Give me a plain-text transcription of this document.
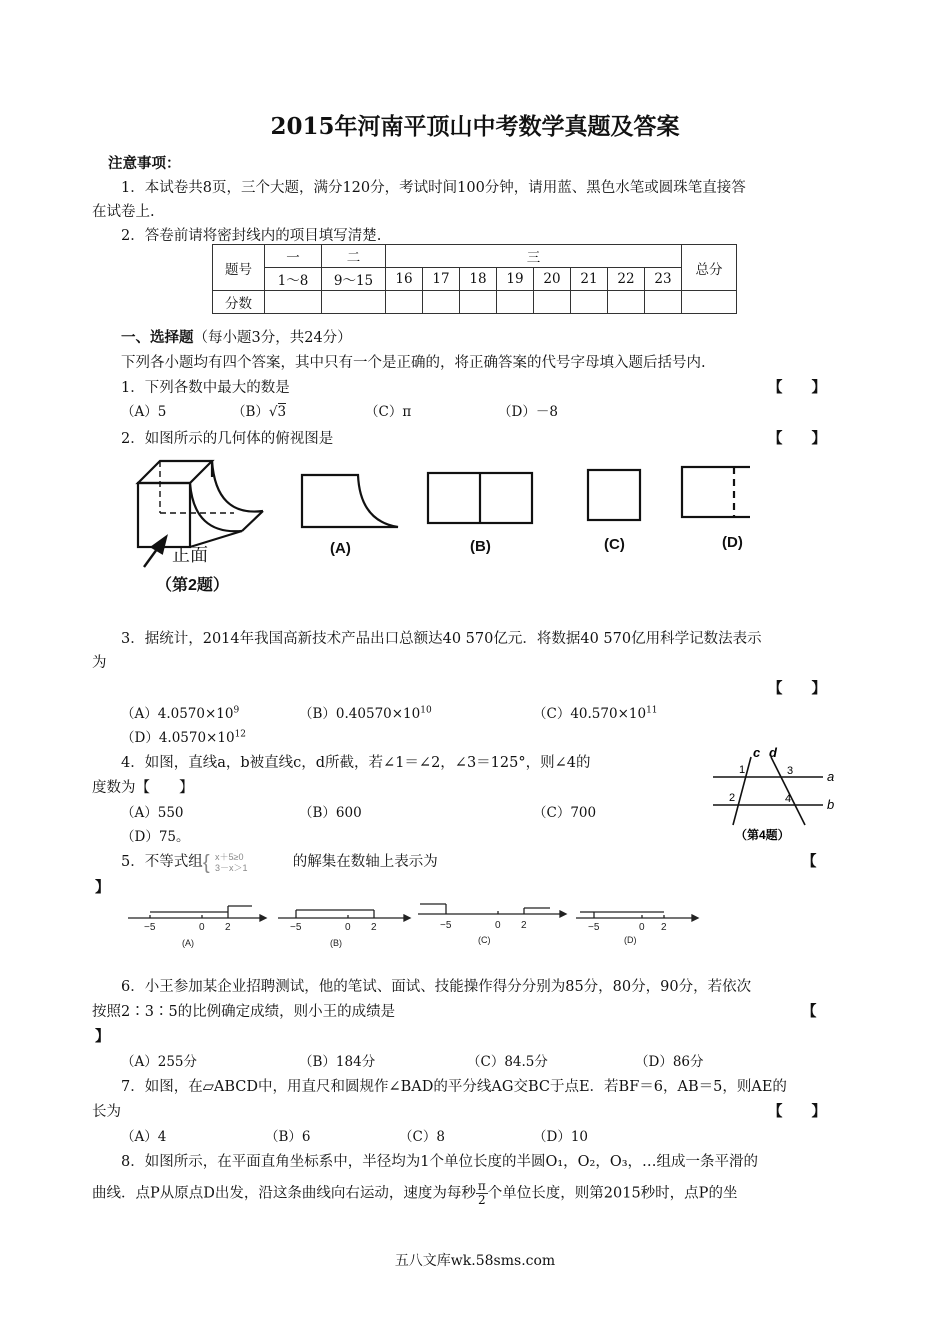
2015年河南平顶山中考数学真题及答案
注意事项：
1．本试卷共8页，三个大题，满分120分，考试时间100分钟，请用蓝、黑色水笔或圆珠笔直接答
在试卷上.
2．答卷前请将密封线内的项目填写清楚.
题号	一	二	三								总分
	1～8	9～15	16	17	18	19	20	21	22	23	
分数											
一、选择题（每小题3分，共24分）
下列各小题均有四个答案，其中只有一个是正确的，将正确答案的代号字母填入题后括号内.
1．下列各数中最大的数是	【　　】
（A）5	（B）√3	（C）π	（D）－8
2．如图所示的几何体的俯视图是	【　　】
正面
（第2题）
(A)	(B)	(C)	(D)
3．据统计，2014年我国高新技术产品出口总额达40 570亿元．将数据40 570亿用科学记数法表示
为
【　　】
$(A)4.0570\times 10^9$	$(B)0.40570\times 10^{10}$	$(C)40.570\times 10^{11}$
$(D)4.0570\times 10^{12}$
4．如图，直线a，b被直线c，d所截，若∠1＝∠2，∠3＝125°，则∠4的
度数为【　　】
（A）550	（B）600	（C）700
（D）75。
c d
a
b
1
2
3
4
（第4题）
5．不等式组 { x＋5≥0
3－x＞1	的解集在数轴上表示为	【
】
−5	0 2
(A)
−5	0 2
(B)
−5	0 2
(C)
−5	0 2
(D)
6．小王参加某企业招聘测试，他的笔试、面试、技能操作得分分别为85分，80分，90分，若依次
按照2∶3∶5的比例确定成绩，则小王的成绩是	【
】
（A）255分	（B）184分	（C）84.5分	（D）86分
7．如图，在▱ABCD中，用直尺和圆规作∠BAD的平分线AG交BC于点E．若BF＝6，AB＝5，则AE的
长为	【　　】
（A）4	（B）6	（C）8	（D）10
8．如图所示，在平面直角坐标系中，半径均为1个单位长度的半圆O₁，O₂，O₃，…组成一条平滑的
曲线．点P从原点D出发，沿这条曲线向右运动，速度为每秒 $\frac{\pi}{2}$ 个单位长度，则第2015秒时，点P的坐
五八文库wk.58sms.com
